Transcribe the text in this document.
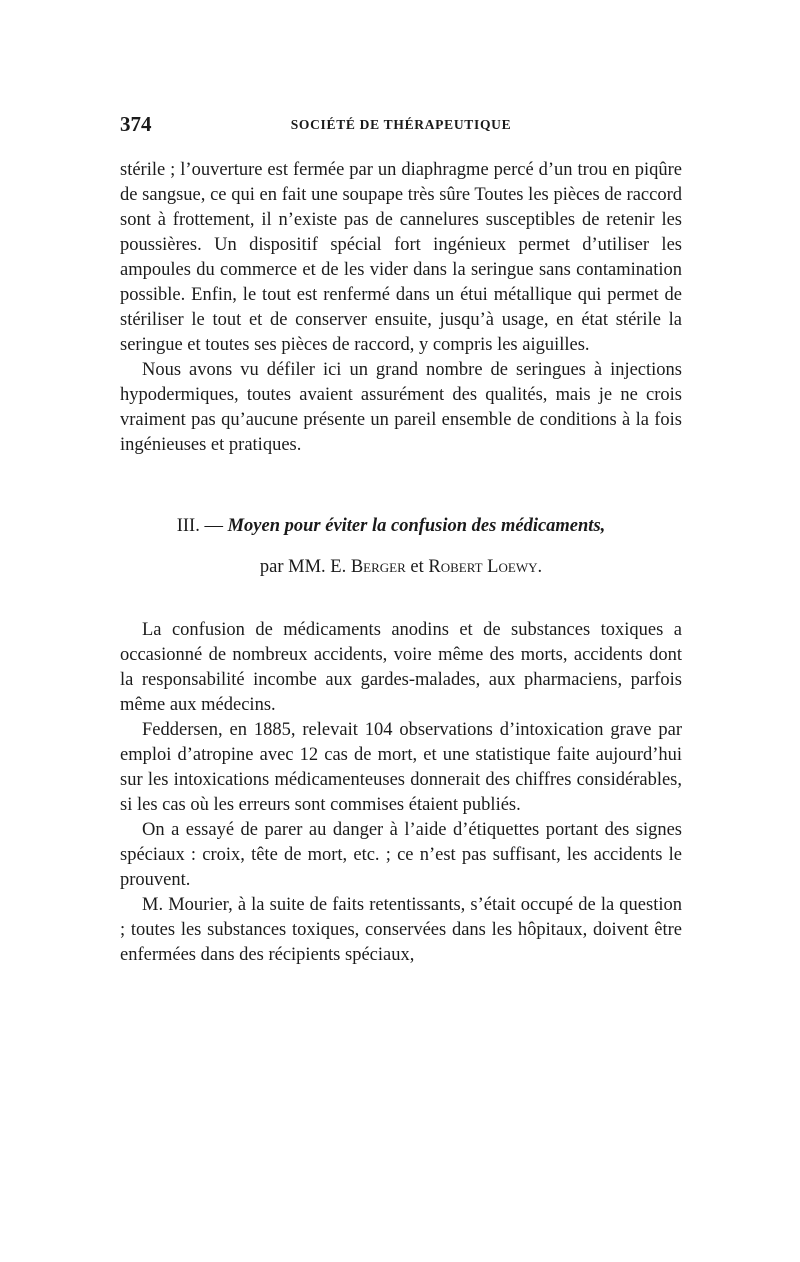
374	SOCIÉTÉ DE THÉRAPEUTIQUE

stérile ; l’ouverture est fermée par un diaphragme percé d’un trou en piqûre de sangsue, ce qui en fait une soupape très sûre Toutes les pièces de raccord sont à frottement, il n’existe pas de cannelures susceptibles de retenir les poussières. Un dispositif spécial fort ingénieux permet d’utiliser les ampoules du commerce et de les vider dans la seringue sans contamination possible. Enfin, le tout est renfermé dans un étui métallique qui permet de stériliser le tout et de conserver ensuite, jusqu’à usage, en état stérile la seringue et toutes ses pièces de raccord, y compris les aiguilles.

Nous avons vu défiler ici un grand nombre de seringues à injections hypodermiques, toutes avaient assurément des qualités, mais je ne crois vraiment pas qu’aucune présente un pareil ensemble de conditions à la fois ingénieuses et pratiques.

III. — Moyen pour éviter la confusion des médicaments,
par MM. E. Berger et Robert Loewy.

La confusion de médicaments anodins et de substances toxiques a occasionné de nombreux accidents, voire même des morts, accidents dont la responsabilité incombe aux gardes-malades, aux pharmaciens, parfois même aux médecins.

Feddersen, en 1885, relevait 104 observations d’intoxication grave par emploi d’atropine avec 12 cas de mort, et une statistique faite aujourd’hui sur les intoxications médicamenteuses donnerait des chiffres considérables, si les cas où les erreurs sont commises étaient publiés.

On a essayé de parer au danger à l’aide d’étiquettes portant des signes spéciaux : croix, tête de mort, etc. ; ce n’est pas suffisant, les accidents le prouvent.

M. Mourier, à la suite de faits retentissants, s’était occupé de la question ; toutes les substances toxiques, conservées dans les hôpitaux, doivent être enfermées dans des récipients spéciaux,
